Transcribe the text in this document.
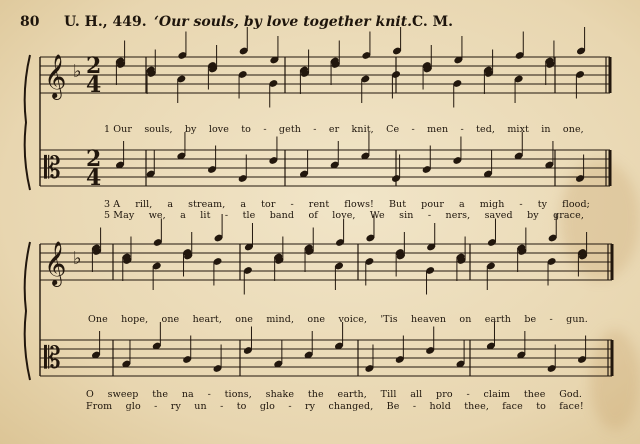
80 U. H., 449. ‘Our souls, by love together knit.’
C. M.
𝄞
𝄡
♭ 2
4
2
4
𝄞
𝄡
♭
1 Our souls, by love to - geth - er knit, Ce - men - ted, mixt in one,
3 A rill, a stream, a tor - rent flows! But pour a migh - ty flood;
5 May we, a lit - tle band of love, We sin - ners, saved by grace,
One hope, one heart, one mind, one voice, 'Tis heaven on earth be - gun.
O sweep the na - tions, shake the earth, Till all pro - claim thee God.
From glo - ry un - to glo - ry changed, Be - hold thee, face to face!
